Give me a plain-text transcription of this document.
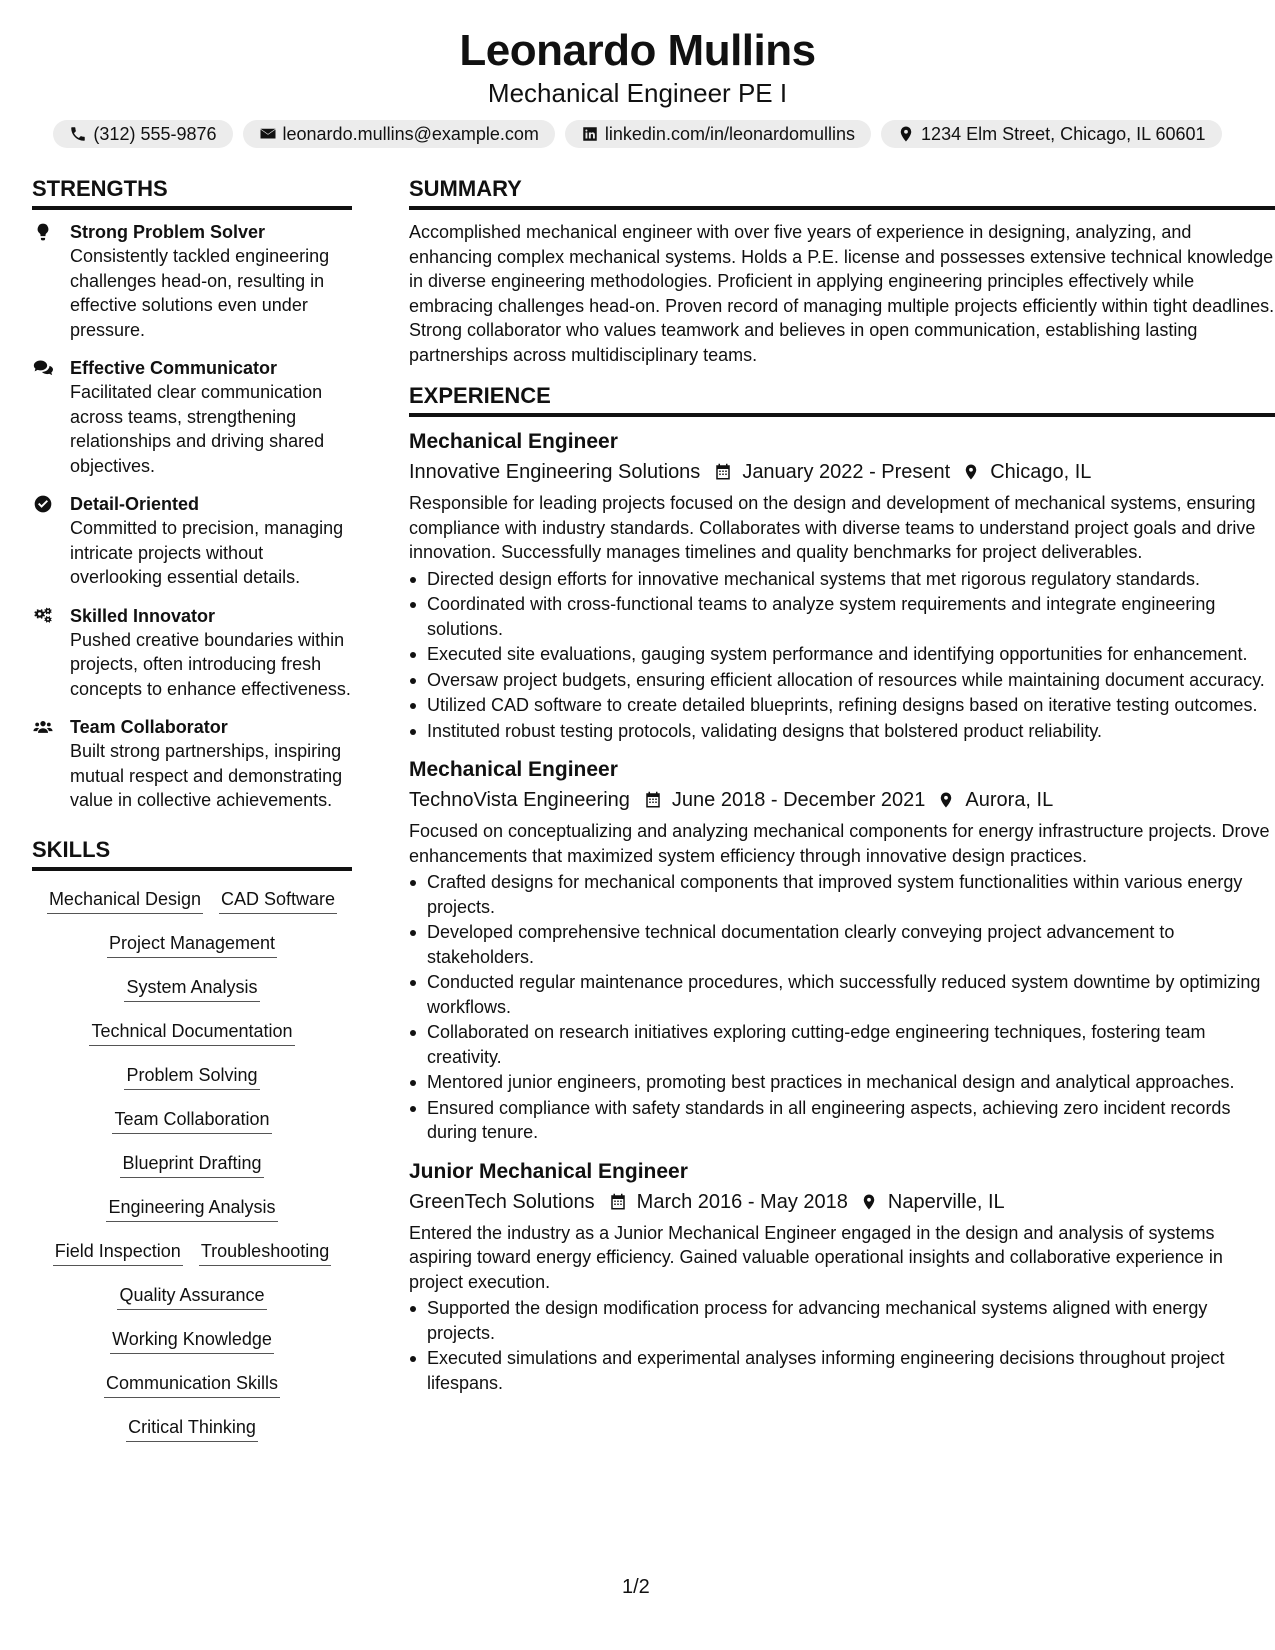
Leonardo Mullins
Mechanical Engineer PE I
(312) 555-9876	leonardo.mullins@example.com	linkedin.com/in/leonardomullins	1234 Elm Street, Chicago, IL 60601
STRENGTHS
Strong Problem Solver
Consistently tackled engineering challenges head-on, resulting in effective solutions even under pressure.
Effective Communicator
Facilitated clear communication across teams, strengthening relationships and driving shared objectives.
Detail-Oriented
Committed to precision, managing intricate projects without overlooking essential details.
Skilled Innovator
Pushed creative boundaries within projects, often introducing fresh concepts to enhance effectiveness.
Team Collaborator
Built strong partnerships, inspiring mutual respect and demonstrating value in collective achievements.
SKILLS
Mechanical Design CAD Software
Project Management
System Analysis
Technical Documentation
Problem Solving
Team Collaboration
Blueprint Drafting
Engineering Analysis
Field Inspection Troubleshooting
Quality Assurance
Working Knowledge
Communication Skills
Critical Thinking
SUMMARY
Accomplished mechanical engineer with over five years of experience in designing, analyzing, and enhancing complex mechanical systems. Holds a P.E. license and possesses extensive technical knowledge in diverse engineering methodologies. Proficient in applying engineering principles effectively while embracing challenges head-on. Proven record of managing multiple projects efficiently within tight deadlines. Strong collaborator who values teamwork and believes in open communication, establishing lasting partnerships across multidisciplinary teams.
EXPERIENCE
Mechanical Engineer
Innovative Engineering Solutions January 2022 - Present Chicago, IL
Responsible for leading projects focused on the design and development of mechanical systems, ensuring compliance with industry standards. Collaborates with diverse teams to understand project goals and drive innovation. Successfully manages timelines and quality benchmarks for project deliverables.
Directed design efforts for innovative mechanical systems that met rigorous regulatory standards.
Coordinated with cross-functional teams to analyze system requirements and integrate engineering solutions.
Executed site evaluations, gauging system performance and identifying opportunities for enhancement.
Oversaw project budgets, ensuring efficient allocation of resources while maintaining document accuracy.
Utilized CAD software to create detailed blueprints, refining designs based on iterative testing outcomes.
Instituted robust testing protocols, validating designs that bolstered product reliability.
Mechanical Engineer
TechnoVista Engineering June 2018 - December 2021 Aurora, IL
Focused on conceptualizing and analyzing mechanical components for energy infrastructure projects. Drove enhancements that maximized system efficiency through innovative design practices.
Crafted designs for mechanical components that improved system functionalities within various energy projects.
Developed comprehensive technical documentation clearly conveying project advancement to stakeholders.
Conducted regular maintenance procedures, which successfully reduced system downtime by optimizing workflows.
Collaborated on research initiatives exploring cutting-edge engineering techniques, fostering team creativity.
Mentored junior engineers, promoting best practices in mechanical design and analytical approaches.
Ensured compliance with safety standards in all engineering aspects, achieving zero incident records during tenure.
Junior Mechanical Engineer
GreenTech Solutions March 2016 - May 2018 Naperville, IL
Entered the industry as a Junior Mechanical Engineer engaged in the design and analysis of systems aspiring toward energy efficiency. Gained valuable operational insights and collaborative experience in project execution.
Supported the design modification process for advancing mechanical systems aligned with energy projects.
Executed simulations and experimental analyses informing engineering decisions throughout project lifespans.
1/2
